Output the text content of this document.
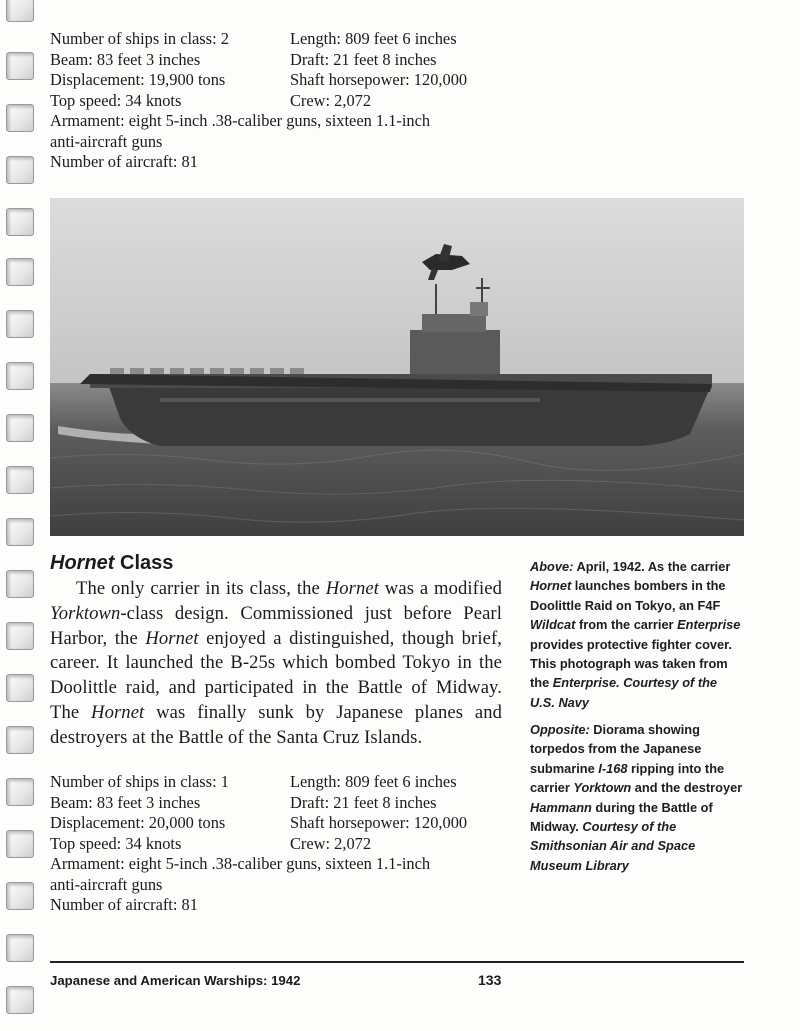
Number of ships in class: 2	Length: 809 feet 6 inches
Beam: 83 feet 3 inches	Draft: 21 feet 8 inches
Displacement: 19,900 tons	Shaft horsepower: 120,000
Top speed: 34 knots	Crew: 2,072
Armament: eight 5-inch .38-caliber guns, sixteen 1.1-inch
anti-aircraft guns
Number of aircraft: 81
Hornet Class

The only carrier in its class, the Hornet was a modified Yorktown-class design. Commissioned just before Pearl Harbor, the Hornet enjoyed a distinguished, though brief, career. It launched the B-25s which bombed Tokyo in the Doolittle raid, and participated in the Battle of Midway. The Hornet was finally sunk by Japanese planes and destroyers at the Battle of the Santa Cruz Islands.

Number of ships in class: 1	Length: 809 feet 6 inches
Beam: 83 feet 3 inches	Draft: 21 feet 8 inches
Displacement: 20,000 tons	Shaft horsepower: 120,000
Top speed: 34 knots	Crew: 2,072
Armament: eight 5-inch .38-caliber guns, sixteen 1.1-inch
anti-aircraft guns
Number of aircraft: 81

Above: April, 1942. As the carrier Hornet launches bombers in the Doolittle Raid on Tokyo, an F4F Wildcat from the carrier Enterprise provides protective fighter cover. This photograph was taken from the Enterprise. Courtesy of the U.S. Navy

Opposite: Diorama showing torpedos from the Japanese submarine I-168 ripping into the carrier Yorktown and the destroyer Hammann during the Battle of Midway. Courtesy of the Smithsonian Air and Space Museum Library

Japanese and American Warships: 1942	133
